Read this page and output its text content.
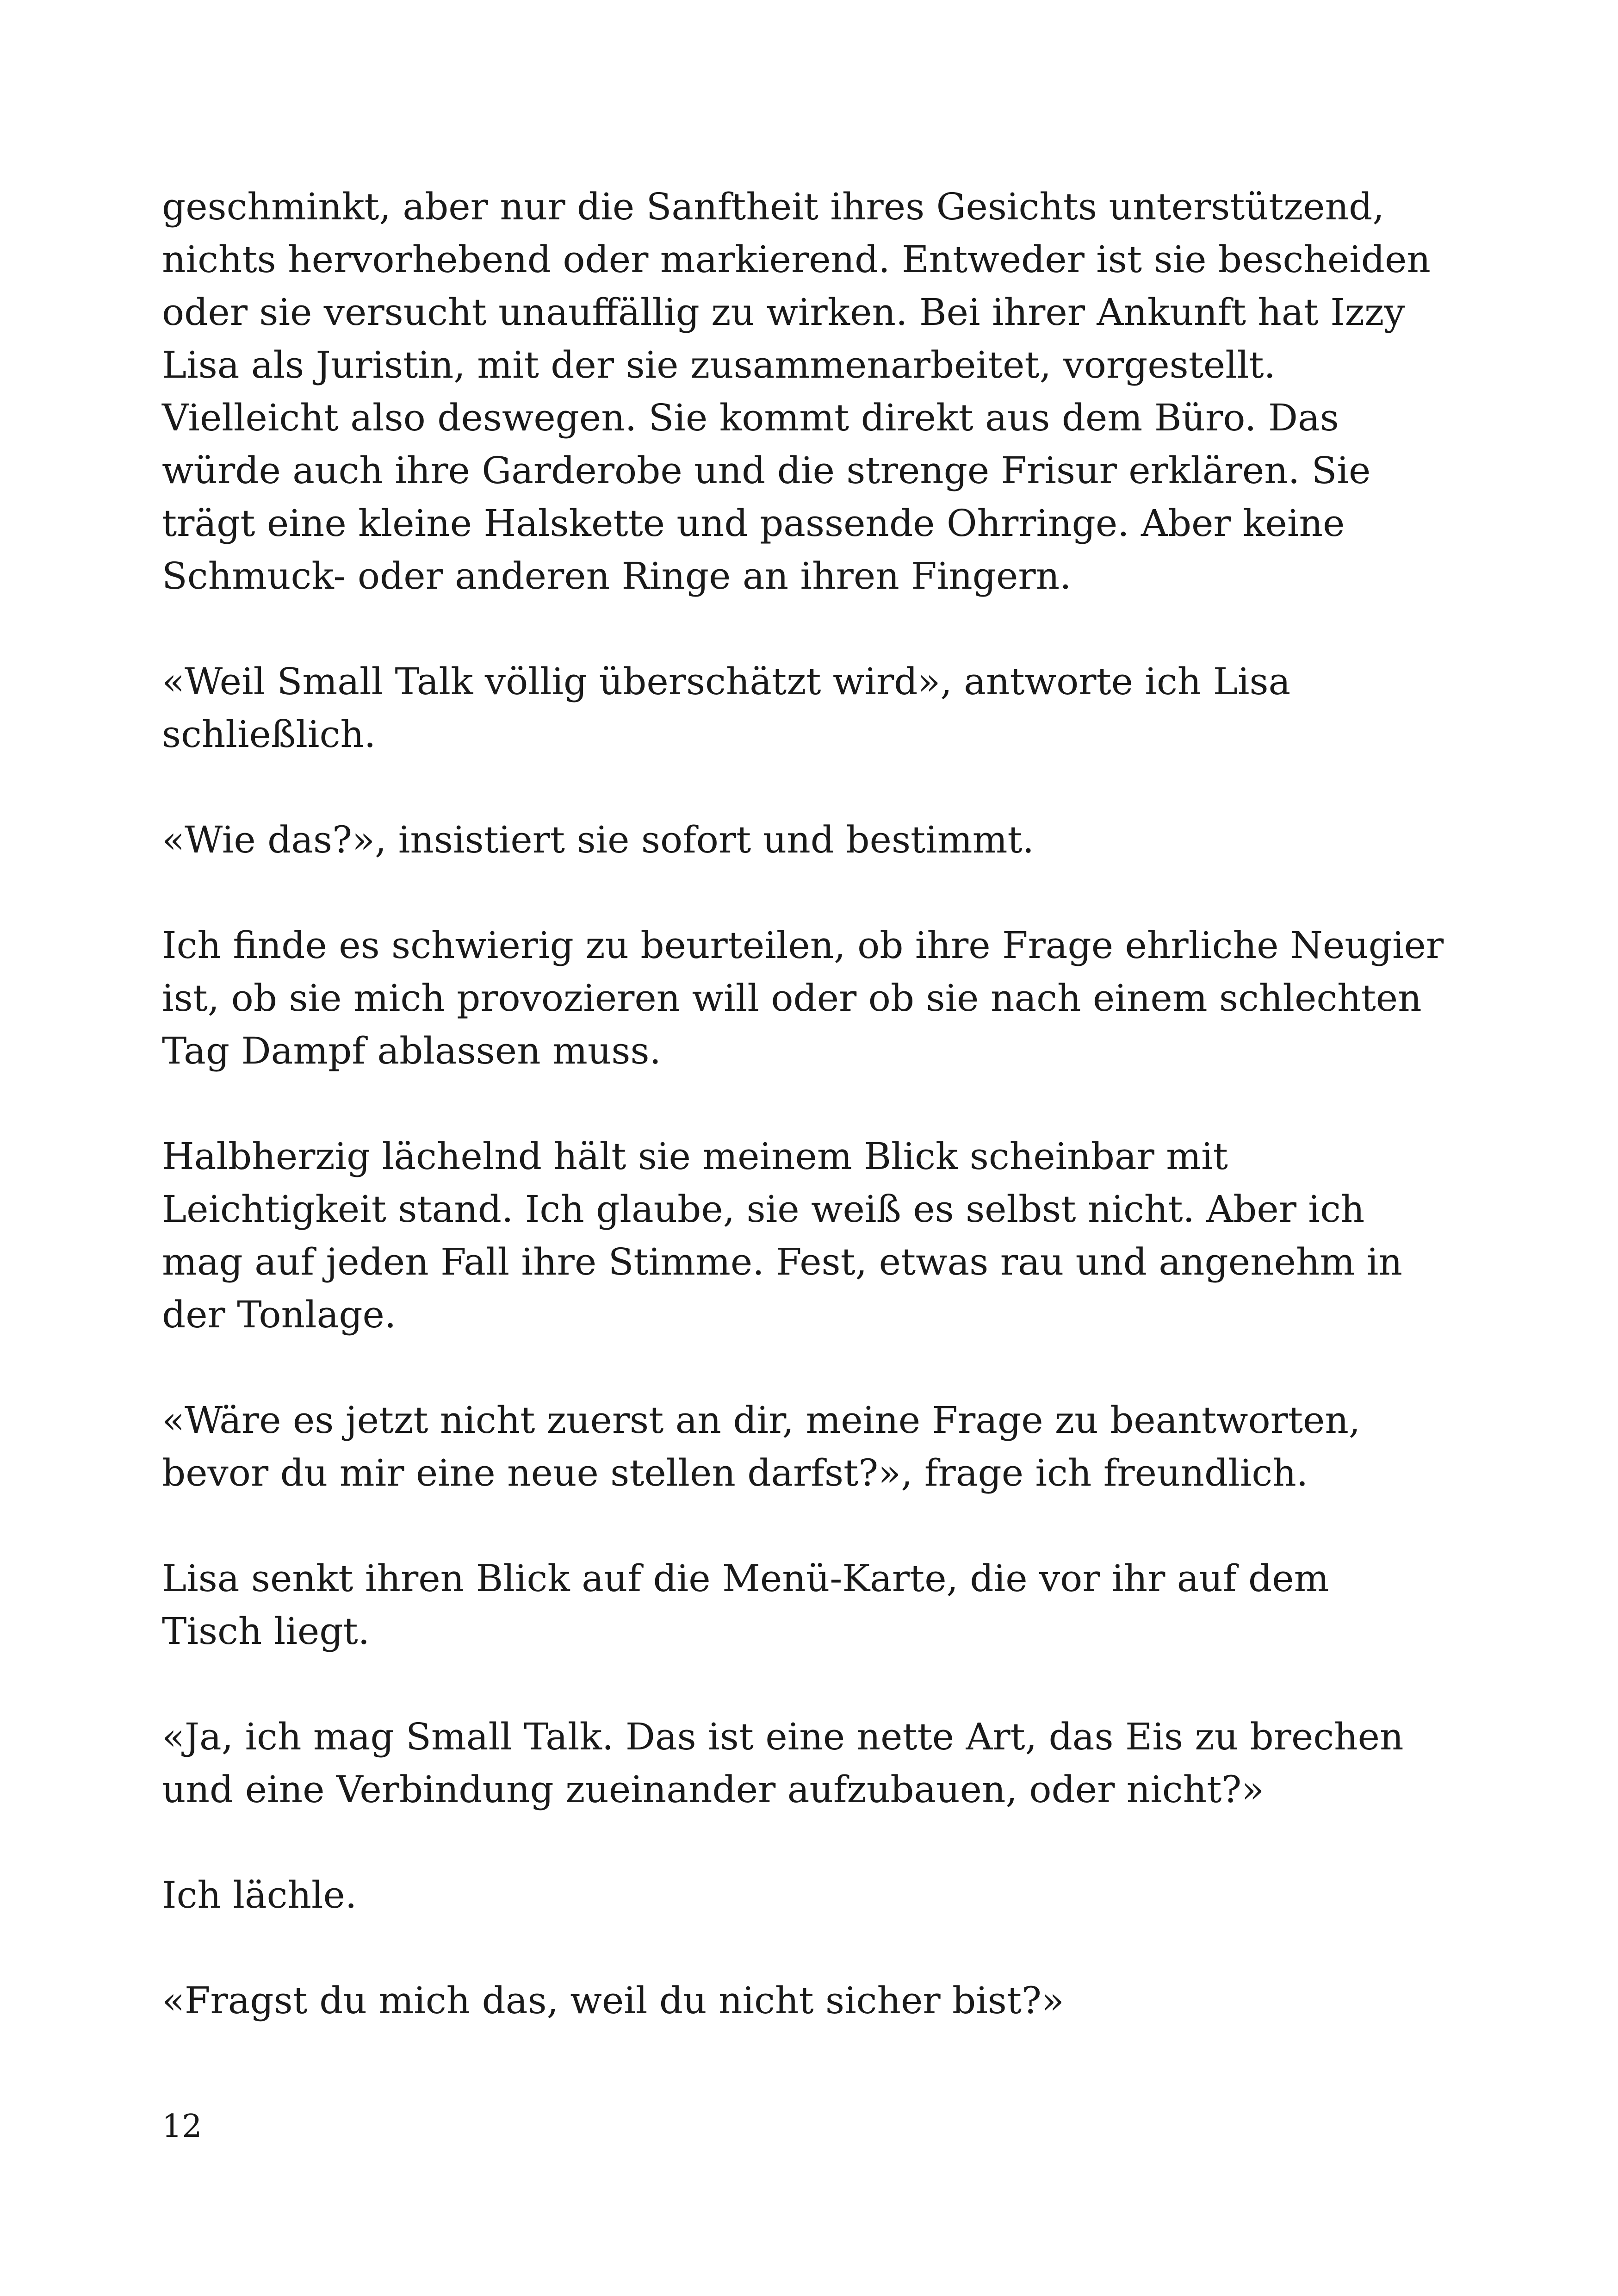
geschminkt, aber nur die Sanftheit ihres Gesichts unterstützend,
nichts hervorhebend oder markierend. Entweder ist sie bescheiden
oder sie versucht unauffällig zu wirken. Bei ihrer Ankunft hat Izzy
Lisa als Juristin, mit der sie zusammenarbeitet, vorgestellt.
Vielleicht also deswegen. Sie kommt direkt aus dem Büro. Das
würde auch ihre Garderobe und die strenge Frisur erklären. Sie
trägt eine kleine Halskette und passende Ohrringe. Aber keine
Schmuck- oder anderen Ringe an ihren Fingern.

«Weil Small Talk völlig überschätzt wird», antworte ich Lisa
schließlich.

«Wie das?», insistiert sie sofort und bestimmt.

Ich finde es schwierig zu beurteilen, ob ihre Frage ehrliche Neugier
ist, ob sie mich provozieren will oder ob sie nach einem schlechten
Tag Dampf ablassen muss.

Halbherzig lächelnd hält sie meinem Blick scheinbar mit
Leichtigkeit stand. Ich glaube, sie weiß es selbst nicht. Aber ich
mag auf jeden Fall ihre Stimme. Fest, etwas rau und angenehm in
der Tonlage.

«Wäre es jetzt nicht zuerst an dir, meine Frage zu beantworten,
bevor du mir eine neue stellen darfst?», frage ich freundlich.

Lisa senkt ihren Blick auf die Menü-Karte, die vor ihr auf dem
Tisch liegt.

«Ja, ich mag Small Talk. Das ist eine nette Art, das Eis zu brechen
und eine Verbindung zueinander aufzubauen, oder nicht?»

Ich lächle.

«Fragst du mich das, weil du nicht sicher bist?»

12
